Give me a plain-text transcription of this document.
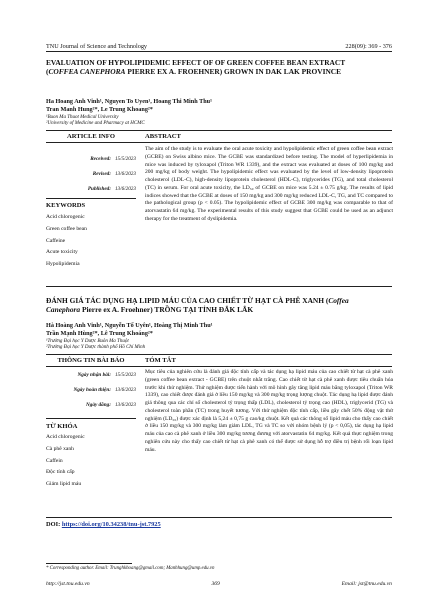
TNU Journal of Science and Technology	228(09): 369 - 376
EVALUATION OF HYPOLIPIDEMIC EFFECT OF OF GREEN COFFEE BEAN EXTRACT (COFFEA CANEPHORA PIERRE EX A. FROEHNER) GROWN IN DAK LAK PROVINCE
Ha Hoang Anh Vinh¹, Nguyen To Uyen¹, Hoang Thi Minh Thu¹
Tran Manh Hung²*, Le Trung Khoang²*
¹Buon Ma Thuot Medical University
²University of Medicine and Pharmacy at HCMC
ARTICLE INFO	ABSTRACT
Received: 15/5/2023
Revised: 13/6/2023
Published: 13/6/2023
KEYWORDS
Acid chlorogenic
Green coffee bean
Caffeine
Acute toxicity
Hypolipidemia
The aim of the study is to evaluate the oral acute toxicity and hypolipidemic effect of green coffee bean extract (GCBE) on Swiss albino mice. The GCBE was standardized before testing. The model of hyperlipidemia in mice was induced by tyloxapol (Triton WR 1339), and the extract was evaluated at doses of 100 mg/kg and 200 mg/kg of body weight. The hypolipidemic effect was evaluated by the level of low-density lipoprotein cholesterol (LDL-C), high-density lipoprotein cholesterol (HDL-C), triglycerides (TG), and total cholesterol (TC) in serum. For oral acute toxicity, the LD₅₀ of GCBE on mice was 5.24 ± 0.75 g/kg. The results of lipid indices showed that the GCBE at doses of 150 mg/kg and 300 mg/kg reduced LDL-C, TG, and TC compared to the pathological group (p < 0.05). The hypolipidemic effect of GCBE 300 mg/kg was comparable to that of atorvastatin 64 mg/kg. The experimental results of this study suggest that GCBE could be used as an adjunct therapy for the treatment of dyslipidemia.
ĐÁNH GIÁ TÁC DỤNG HẠ LIPID MÁU CỦA CAO CHIẾT TỪ HẠT CÀ PHÊ XANH (Coffea Canephora Pierre ex A. Froehner) TRỒNG TẠI TỈNH ĐẮK LẮK
Hà Hoàng Anh Vinh¹, Nguyễn Tố Uyên¹, Hoàng Thị Minh Thu¹
Trần Mạnh Hùng²*, Lê Trung Khoáng²*
¹Trường Đại học Y Dược Buôn Ma Thuột
²Trường Đại học Y Dược thành phố Hồ Chí Minh
THÔNG TIN BÀI BÁO	TÓM TẮT
Ngày nhận bài: 15/5/2023
Ngày hoàn thiện: 13/6/2023
Ngày đăng: 13/6/2023
TỪ KHÓA
Acid chlorogenic
Cà phê xanh
Caffein
Độc tính cấp
Giảm lipid máu
Mục tiêu của nghiên cứu là đánh giá độc tính cấp và tác dụng hạ lipid máu của cao chiết từ hạt cà phê xanh (green coffee bean extract - GCBE) trên chuột nhắt trắng. Cao chiết từ hạt cà phê xanh được tiêu chuẩn hóa trước khi thử nghiệm. Thử nghiệm được tiến hành với mô hình gây tăng lipid máu bằng tyloxapol (Triton WR 1339), cao chiết được đánh giá ở liều 150 mg/kg và 300 mg/kg trọng lượng chuột. Tác dụng hạ lipid được đánh giá thông qua các chỉ số cholesterol tỷ trọng thấp (LDL), cholesterol tỷ trọng cao (HDL), triglycerid (TG) và cholesterol toàn phần (TC) trong huyết tương. Với thử nghiệm độc tính cấp, liều gây chết 50% động vật thử nghiệm (LD₅₀) được xác định là 5,24 ± 0,75 g cao/kg chuột. Kết quả các thông số lipid máu cho thấy cao chiết ở liều 150 mg/kg và 300 mg/kg làm giảm LDL, TG và TC so với nhóm bệnh lý (p < 0,05), tác dụng hạ lipid máu của cao cà phê xanh ở liều 300 mg/kg tương đương với atorvastatin 64 mg/kg. Kết quả thực nghiệm trong nghiên cứu này cho thấy cao chiết từ hạt cà phê xanh có thể được sử dụng hỗ trợ điều trị bệnh rối loạn lipid máu.
DOI: https://doi.org/10.34238/tnu-jst.7925
* Corresponding author. Email: Trunghkhoang@gmail.com; Manhhung@ump.edu.vn
http://jst.tnu.edu.vn	369	Email: jst@tnu.edu.vn
